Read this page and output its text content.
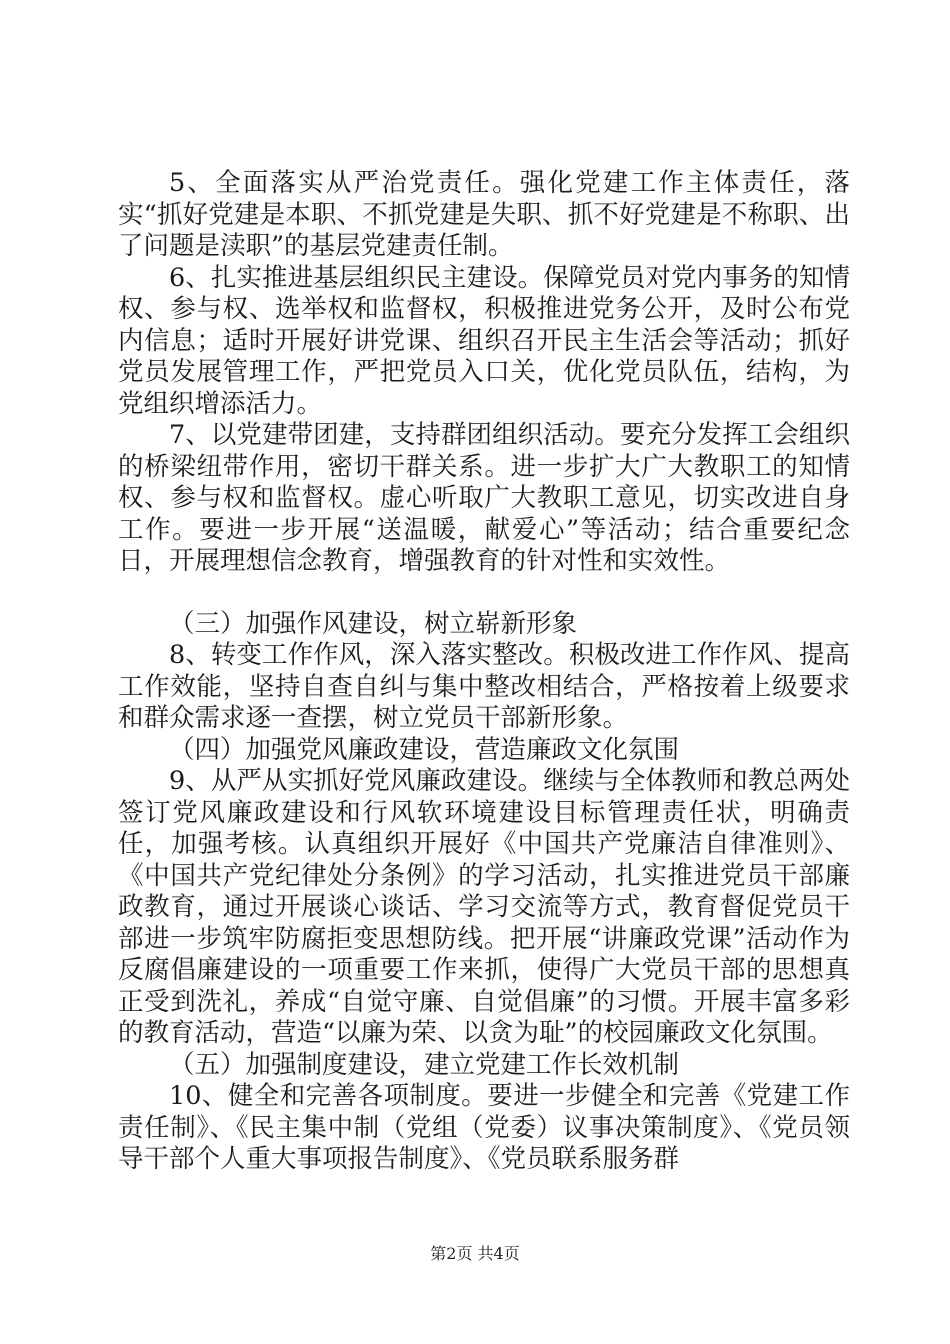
5、全面落实从严治党责任。强化党建工作主体责任，落实“抓好党建是本职、不抓党建是失职、抓不好党建是不称职、出了问题是渎职”的基层党建责任制。

6、扎实推进基层组织民主建设。保障党员对党内事务的知情权、参与权、选举权和监督权，积极推进党务公开，及时公布党内信息；适时开展好讲党课、组织召开民主生活会等活动；抓好党员发展管理工作，严把党员入口关，优化党员队伍，结构，为党组织增添活力。

7、以党建带团建，支持群团组织活动。要充分发挥工会组织的桥梁纽带作用，密切干群关系。进一步扩大广大教职工的知情权、参与权和监督权。虚心听取广大教职工意见，切实改进自身工作。要进一步开展“送温暖，献爱心”等活动；结合重要纪念日，开展理想信念教育，增强教育的针对性和实效性。

（三）加强作风建设，树立崭新形象

8、转变工作作风，深入落实整改。积极改进工作作风、提高工作效能，坚持自查自纠与集中整改相结合，严格按着上级要求和群众需求逐一查摆，树立党员干部新形象。

（四）加强党风廉政建设，营造廉政文化氛围

9、从严从实抓好党风廉政建设。继续与全体教师和教总两处签订党风廉政建设和行风软环境建设目标管理责任状，明确责任，加强考核。认真组织开展好《中国共产党廉洁自律准则》、《中国共产党纪律处分条例》的学习活动，扎实推进党员干部廉政教育，通过开展谈心谈话、学习交流等方式，教育督促党员干部进一步筑牢防腐拒变思想防线。把开展“讲廉政党课”活动作为反腐倡廉建设的一项重要工作来抓，使得广大党员干部的思想真正受到洗礼，养成“自觉守廉、自觉倡廉”的习惯。开展丰富多彩的教育活动，营造“以廉为荣、以贪为耻”的校园廉政文化氛围。

（五）加强制度建设，建立党建工作长效机制

10、健全和完善各项制度。要进一步健全和完善《党建工作责任制》、《民主集中制（党组（党委）议事决策制度》、《党员领导干部个人重大事项报告制度》、《党员联系服务群

第2页 共4页
